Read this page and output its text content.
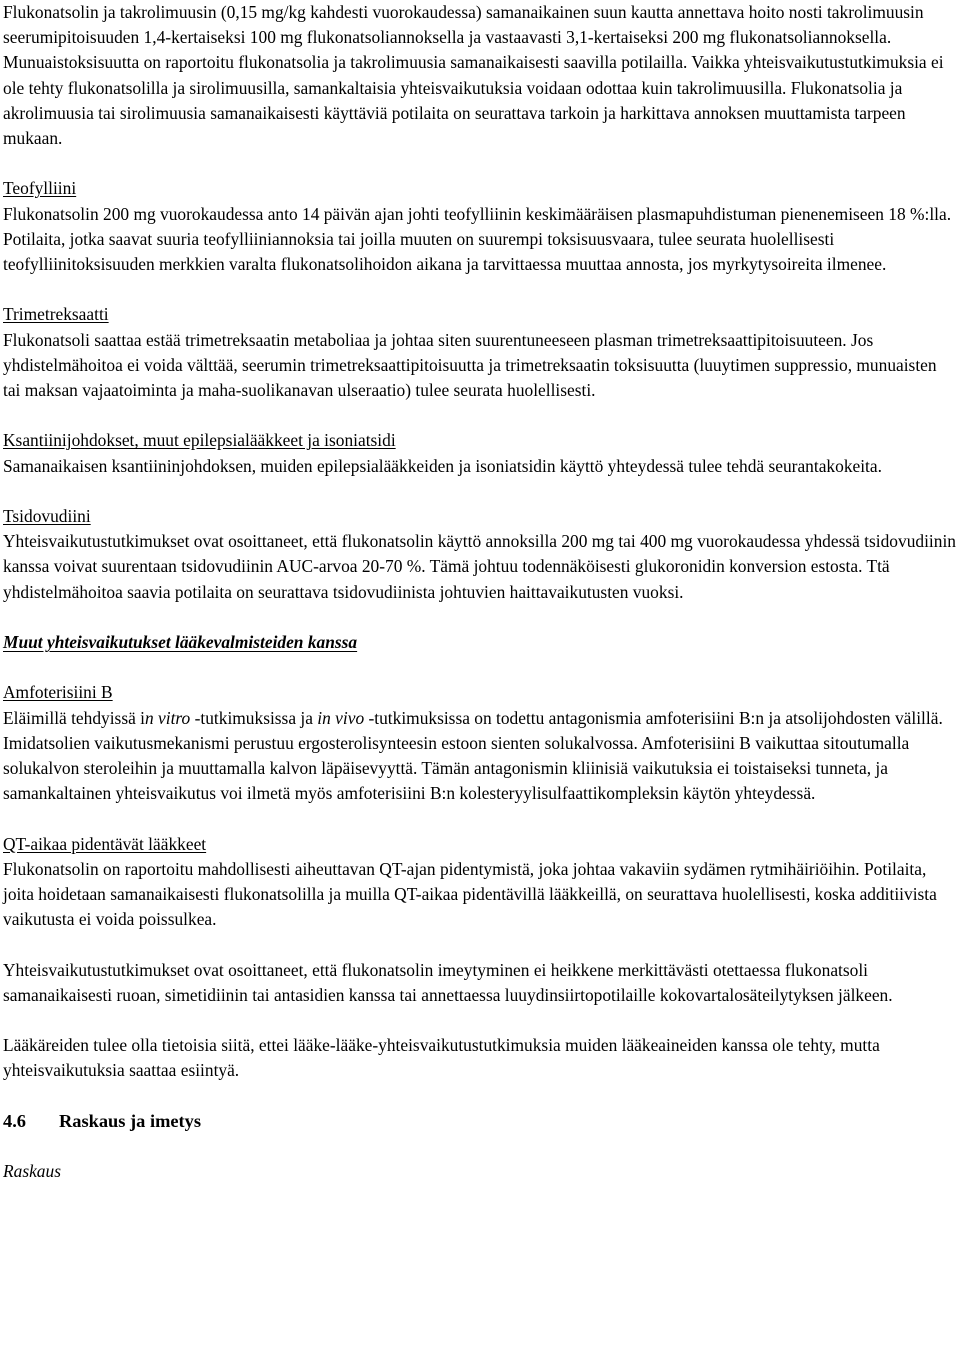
Flukonatsolin ja takrolimuusin (0,15 mg/kg kahdesti vuorokaudessa) samanaikainen suun kautta annettava hoito nosti takrolimuusin seerumipitoisuuden 1,4-kertaiseksi 100 mg flukonatsoliannoksella ja vastaavasti 3,1-kertaiseksi 200 mg flukonatsoliannoksella. Munuaistoksisuutta on raportoitu flukonatsolia ja takrolimuusia samanaikaisesti saavilla potilailla. Vaikka yhteisvaikutustutkimuksia ei ole tehty flukonatsolilla ja sirolimuusilla, samankaltaisia yhteisvaikutuksia voidaan odottaa kuin takrolimuusilla. Flukonatsolia ja akrolimuusia tai sirolimuusia samanaikaisesti käyttäviä potilaita on seurattava tarkoin ja harkittava annoksen muuttamista tarpeen mukaan.

Teofylliini

Flukonatsolin 200 mg vuorokaudessa anto 14 päivän ajan johti teofylliinin keskimääräisen plasmapuhdistuman pienenemiseen 18 %:lla. Potilaita, jotka saavat suuria teofylliiniannoksia tai joilla muuten on suurempi toksisuusvaara, tulee seurata huolellisesti teofylliinitoksisuuden merkkien varalta flukonatsolihoidon aikana ja tarvittaessa muuttaa annosta, jos myrkytysoireita ilmenee.

Trimetreksaatti

Flukonatsoli saattaa estää trimetreksaatin metaboliaa ja johtaa siten suurentuneeseen plasman trimetreksaattipitoisuuteen. Jos yhdistelmähoitoa ei voida välttää, seerumin trimetreksaattipitoisuutta ja trimetreksaatin toksisuutta (luuytimen suppressio, munuaisten tai maksan vajaatoiminta ja maha-suolikanavan ulseraatio) tulee seurata huolellisesti.

Ksantiinijohdokset, muut epilepsialääkkeet ja isoniatsidi

Samanaikaisen ksantiininjohdoksen, muiden epilepsialääkkeiden ja isoniatsidin käyttö yhteydessä tulee tehdä seurantakokeita.

Tsidovudiini

Yhteisvaikutustutkimukset ovat osoittaneet, että flukonatsolin käyttö annoksilla 200 mg tai 400 mg vuorokaudessa yhdessä tsidovudiinin kanssa voivat suurentaan tsidovudiinin AUC-arvoa 20-70 %. Tämä johtuu todennäköisesti glukoronidin konversion estosta. Ttä yhdistelmähoitoa saavia potilaita on seurattava tsidovudiinista johtuvien haittavaikutusten vuoksi.

Muut yhteisvaikutukset lääkevalmisteiden kanssa

Amfoterisiini B

Eläimillä tehdyissä in vitro -tutkimuksissa ja in vivo -tutkimuksissa on todettu antagonismia amfoterisiini B:n ja atsolijohdosten välillä. Imidatsolien vaikutusmekanismi perustuu ergosterolisynteesin estoon sienten solukalvossa. Amfoterisiini B vaikuttaa sitoutumalla solukalvon steroleihin ja muuttamalla kalvon läpäisevyyttä. Tämän antagonismin kliinisiä vaikutuksia ei toistaiseksi tunneta, ja samankaltainen yhteisvaikutus voi ilmetä myös amfoterisiini B:n kolesteryylisulfaattikompleksin käytön yhteydessä.

QT-aikaa pidentävät lääkkeet

Flukonatsolin on raportoitu mahdollisesti aiheuttavan QT-ajan pidentymistä, joka johtaa vakaviin sydämen rytmihäiriöihin. Potilaita, joita hoidetaan samanaikaisesti flukonatsolilla ja muilla QT-aikaa pidentävillä lääkkeillä, on seurattava huolellisesti, koska additiivista vaikutusta ei voida poissulkea.

Yhteisvaikutustutkimukset ovat osoittaneet, että flukonatsolin imeytyminen ei heikkene merkittävästi otettaessa flukonatsoli samanaikaisesti ruoan, simetidiinin tai antasidien kanssa tai annettaessa luuydinsiirtopotilaille kokovartalosäteilytyksen jälkeen.

Lääkäreiden tulee olla tietoisia siitä, ettei lääke-lääke-yhteisvaikutustutkimuksia muiden lääkeaineiden kanssa ole tehty, mutta yhteisvaikutuksia saattaa esiintyä.

4.6 Raskaus ja imetys

Raskaus
